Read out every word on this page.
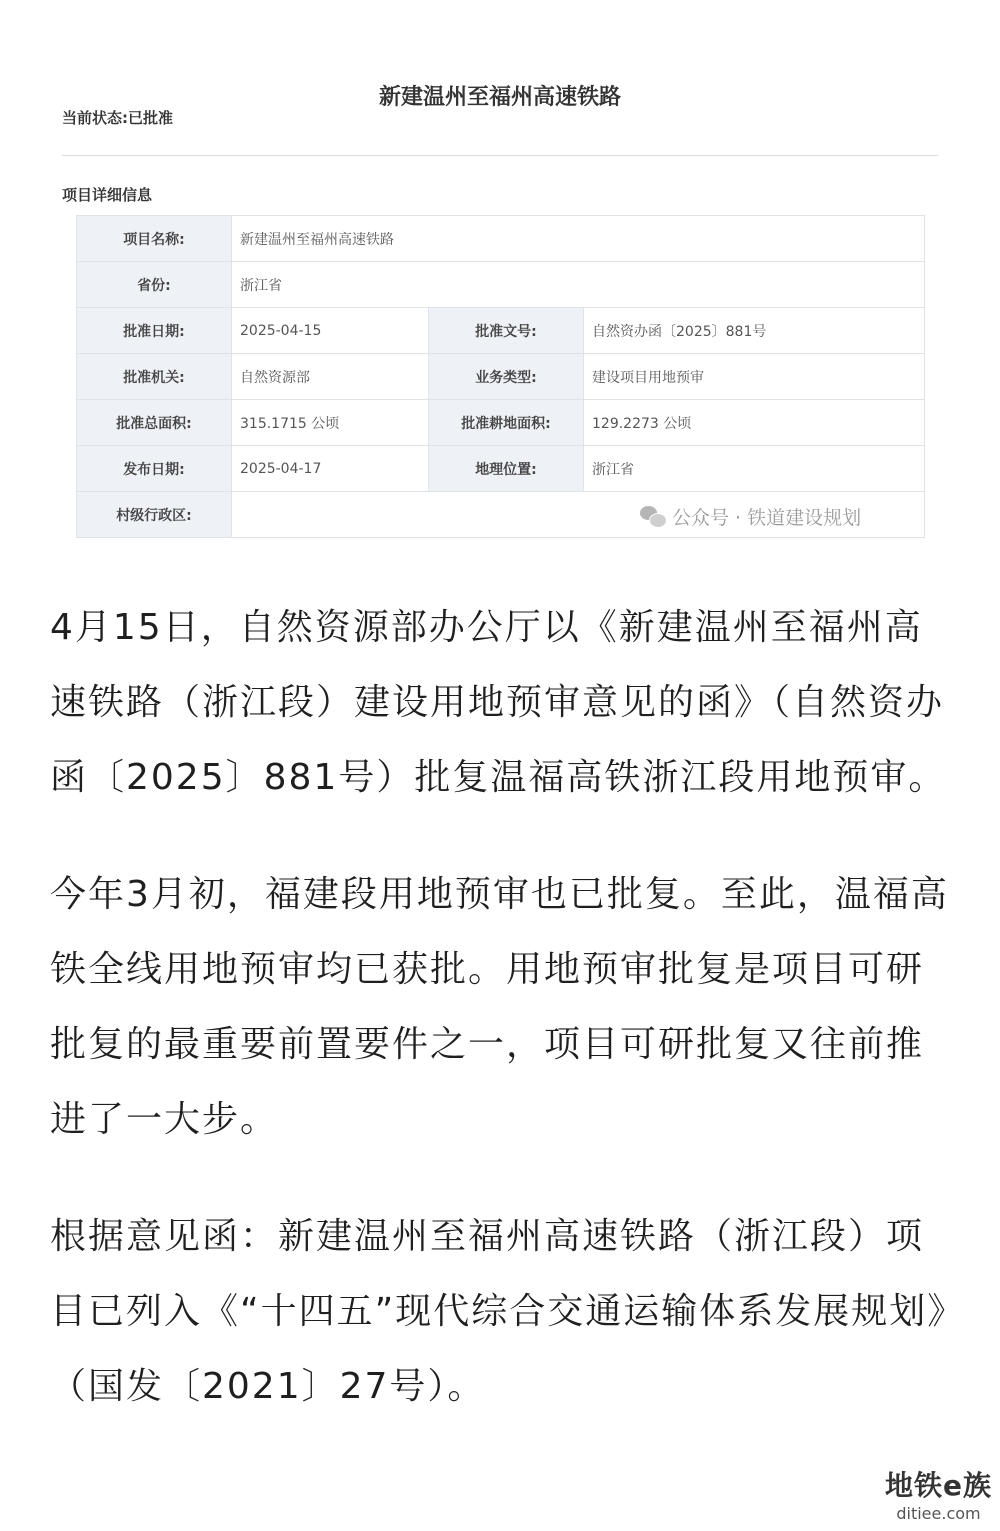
新建温州至福州高速铁路
当前状态:已批准
项目详细信息
项目名称:	新建温州至福州高速铁路		
省份:	浙江省		
批准日期:	2025-04-15	批准文号:	自然资办函〔2025〕881号
批准机关:	自然资源部	业务类型:	建设项目用地预审
批准总面积:	315.1715 公顷	批准耕地面积:	129.2273 公顷
发布日期:	2025-04-17	地理位置:	浙江省
村级行政区:				公众号 · 铁道建设规划

4月15日，自然资源部办公厅以《新建温州至福州高速铁路（浙江段）建设用地预审意见的函》（自然资办函〔2025〕881号）批复温福高铁浙江段用地预审。

今年3月初，福建段用地预审也已批复。至此，温福高铁全线用地预审均已获批。用地预审批复是项目可研批复的最重要前置要件之一，项目可研批复又往前推进了一大步。

根据意见函：新建温州至福州高速铁路（浙江段）项目已列入《“十四五”现代综合交通运输体系发展规划》（国发〔2021〕27号）。

地铁e族
ditiee.com
